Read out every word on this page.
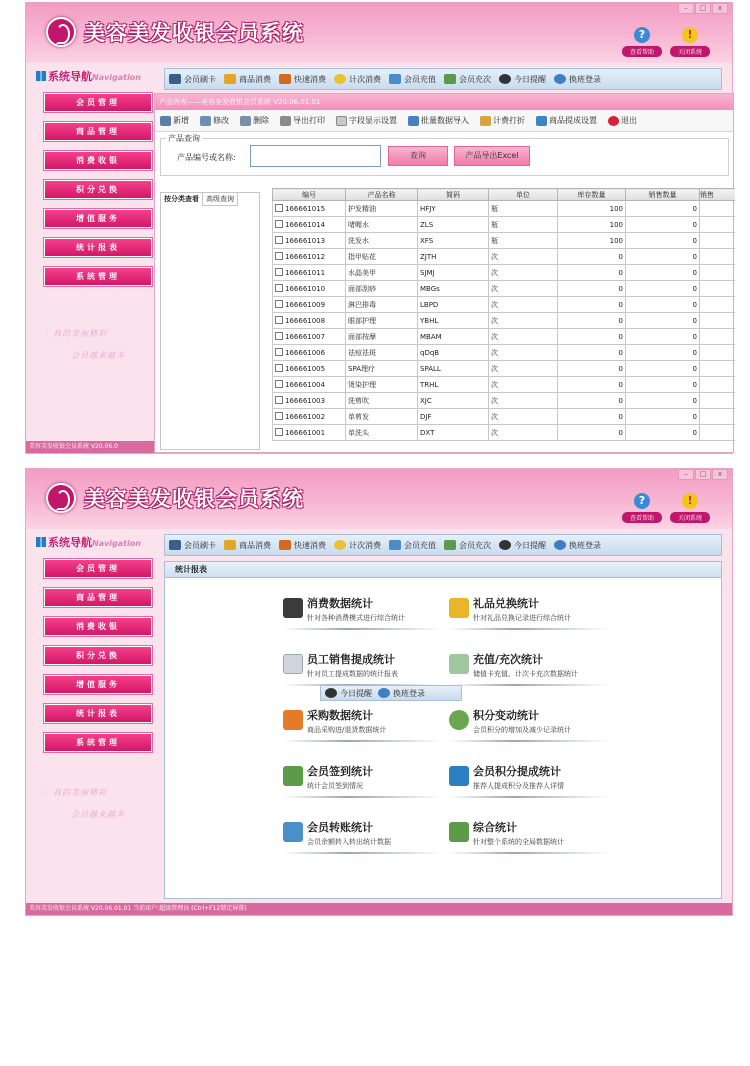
美容美发收银会员系统
–	□	x
?
查看帮助
!
关闭系统
系统导航Navigation	会员刷卡	商品消费	快速消费	计次消费	会员充值	会员充次	今日提醒	换班登录
会员管理
商品管理
消费收银
积分兑换
增值服务
统计报表
系统管理
· 我的美丽精彩
会员越来越多
产品列表——美容美发收银会员系统 V20.06.01.01
新增	修改	删除	导出打印	字段显示设置	批量数据导入	计费打折	商品提成设置	退出
产品查询
产品编号或名称:	查询	产品导出Excel
按分类查看	高级查询
编号	产品名称	简码	单位	库存数量	销售数量	销售
166661015	护发精油	HFJY	瓶	100	0	
166661014	啫喱水	ZLS	瓶	100	0	
166661013	洗发水	XFS	瓶	100	0	
166661012	指甲贴花	ZJTH	次	0	0	
166661011	水晶美甲	SJMJ	次	0	0	
166661010	面部刮痧	MBGs	次	0	0	
166661009	淋巴排毒	LBPD	次	0	0	
166661008	眼部护理	YBHL	次	0	0	
166661007	面部按摩	MBAM	次	0	0	
166661006	祛痘祛斑	qDqB	次	0	0	
166661005	SPA理疗	SPALL	次	0	0	
166661004	烫染护理	TRHL	次	0	0	
166661003	洗剪吹	XJC	次	0	0	
166661002	单剪发	DJF	次	0	0	
166661001	单洗头	DXT	次	0	0	
美容美发收银会员系统 V20.06.0
美容美发收银会员系统
–	□	x
?
查看帮助
!
关闭系统
系统导航Navigation	会员刷卡	商品消费	快速消费	计次消费	会员充值	会员充次	今日提醒	换班登录
会员管理
商品管理
消费收银
积分兑换
增值服务
统计报表
系统管理
· 我的美丽精彩
会员越来越多
统计报表
消费数据统计
针对各种消费模式进行综合统计
礼品兑换统计
针对礼品兑换记录进行综合统计
员工销售提成统计
针对员工提成数据的统计报表
充值/充次统计
储值卡充值、计次卡充次数据统计
采购数据统计
商品采购进/退货数据统计
积分变动统计
会员积分的增加及减少记录统计
会员签到统计
统计会员签到情况
会员积分提成统计
推荐人提成积分及推荐人详情
会员转账统计
会员余额转入转出统计数据
综合统计
针对整个系统的全局数据统计
今日提醒	换班登录
美容美发收银会员系统 V20.06.01.01 当前用户:超级管理员 (Ctrl+F12锁定屏幕)
